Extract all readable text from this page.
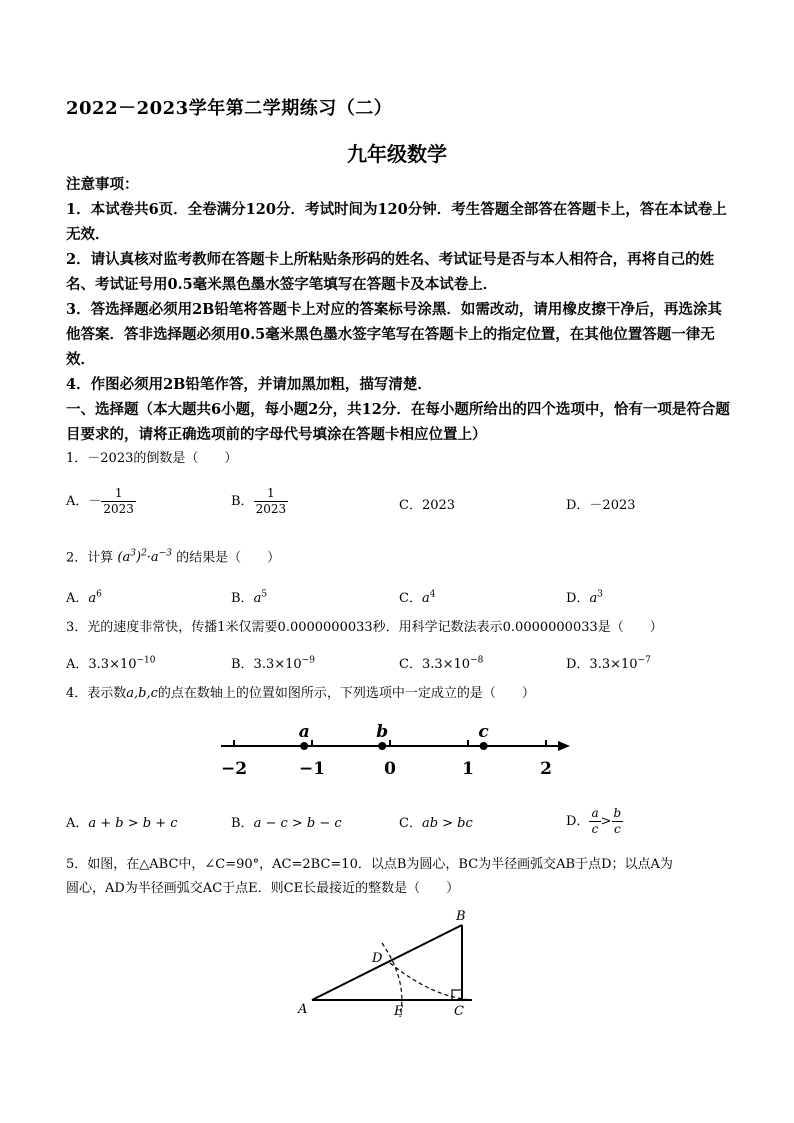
2022－2023学年第二学期练习（二）
九年级数学

注意事项：

1．本试卷共6页．全卷满分120分．考试时间为120分钟．考生答题全部答在答题卡上，答在本试卷上无效．

2．请认真核对监考教师在答题卡上所粘贴条形码的姓名、考试证号是否与本人相符合，再将自己的姓名、考试证号用0.5毫米黑色墨水签字笔填写在答题卡及本试卷上．

3．答选择题必须用2B铅笔将答题卡上对应的答案标号涂黑．如需改动，请用橡皮擦干净后，再选涂其他答案．答非选择题必须用0.5毫米黑色墨水签字笔写在答题卡上的指定位置，在其他位置答题一律无效．

4．作图必须用2B铅笔作答，并请加黑加粗，描写清楚．

一、选择题（本大题共6小题，每小题2分，共12分．在每小题所给出的四个选项中，恰有一项是符合题目要求的，请将正确选项前的字母代号填涂在答题卡相应位置上）

1．－2023的倒数是（　　）
A．－ $\frac{1}{2023}$	B． $\frac{1}{2023}$	C．2023	D．－2023
2．计算 $(a^3)^2\cdot a^{-3}$ 的结果是（　　）
A．$a^6$	B．$a^5$	C．$a^4$	D．$a^3$
3．光的速度非常快，传播1米仅需要0.0000000033秒．用科学记数法表示0.0000000033是（　　）
A．$3.3\times 10^{-10}$	B．$3.3\times 10^{-9}$	C．$3.3\times 10^{-8}$	D．$3.3\times 10^{-7}$
4．表示数a,b,c的点在数轴上的位置如图所示，下列选项中一定成立的是（　　）
−2	−1	0	1	2
a	b	c
A．a + b > b + c	B．a − c > b − c	C．ab > bc	D． $\frac{a}{c} > \frac{b}{c}$
5．如图，在△ABC中，∠C=90°，AC=2BC=10．以点B为圆心，BC为半径画弧交AB于点D；以点A为
圆心，AD为半径画弧交AC于点E．则CE长最接近的整数是（　　）
A
B
C
D
E
